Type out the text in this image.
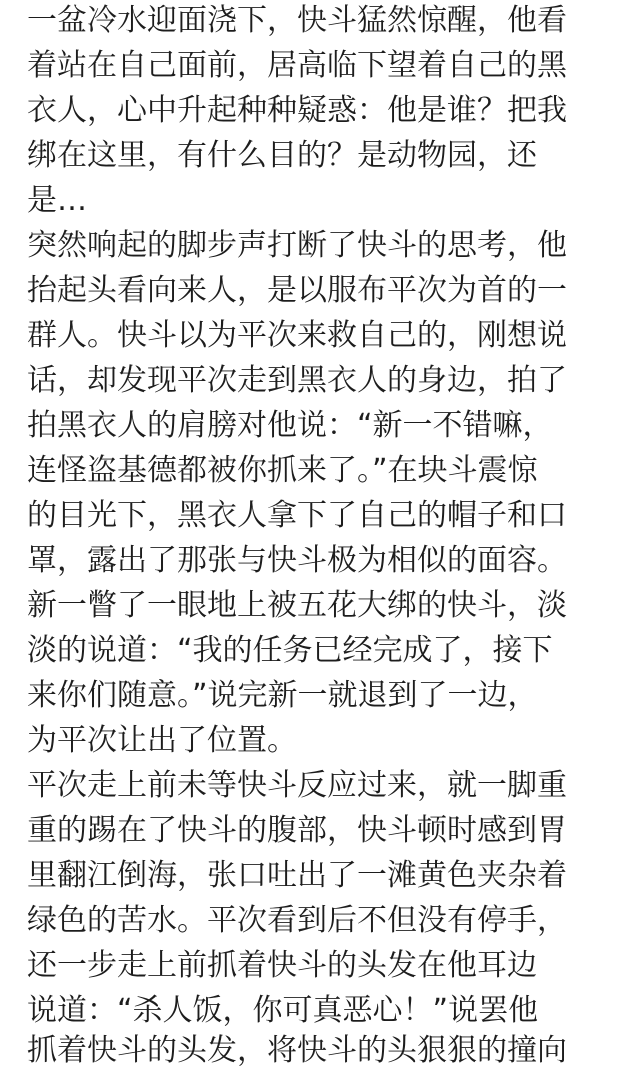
一盆冷水迎面浇下，快斗猛然惊醒，他看
着站在自己面前，居高临下望着自己的黑
衣人，心中升起种种疑惑：他是谁？把我
绑在这里，有什么目的？是动物园，还
是…
突然响起的脚步声打断了快斗的思考，他
抬起头看向来人，是以服布平次为首的一
群人。快斗以为平次来救自己的，刚想说
话，却发现平次走到黑衣人的身边，拍了
拍黑衣人的肩膀对他说：“新一不错嘛，
连怪盗基德都被你抓来了。”在块斗震惊
的目光下，黑衣人拿下了自己的帽子和口
罩，露出了那张与快斗极为相似的面容。
新一瞥了一眼地上被五花大绑的快斗，淡
淡的说道：“我的任务已经完成了，接下
来你们随意。”说完新一就退到了一边，
为平次让出了位置。
平次走上前未等快斗反应过来，就一脚重
重的踢在了快斗的腹部，快斗顿时感到胃
里翻江倒海，张口吐出了一滩黄色夹杂着
绿色的苦水。平次看到后不但没有停手，
还一步走上前抓着快斗的头发在他耳边
说道：“杀人饭，你可真恶心！”说罢他
抓着快斗的头发，将快斗的头狠狠的撞向
